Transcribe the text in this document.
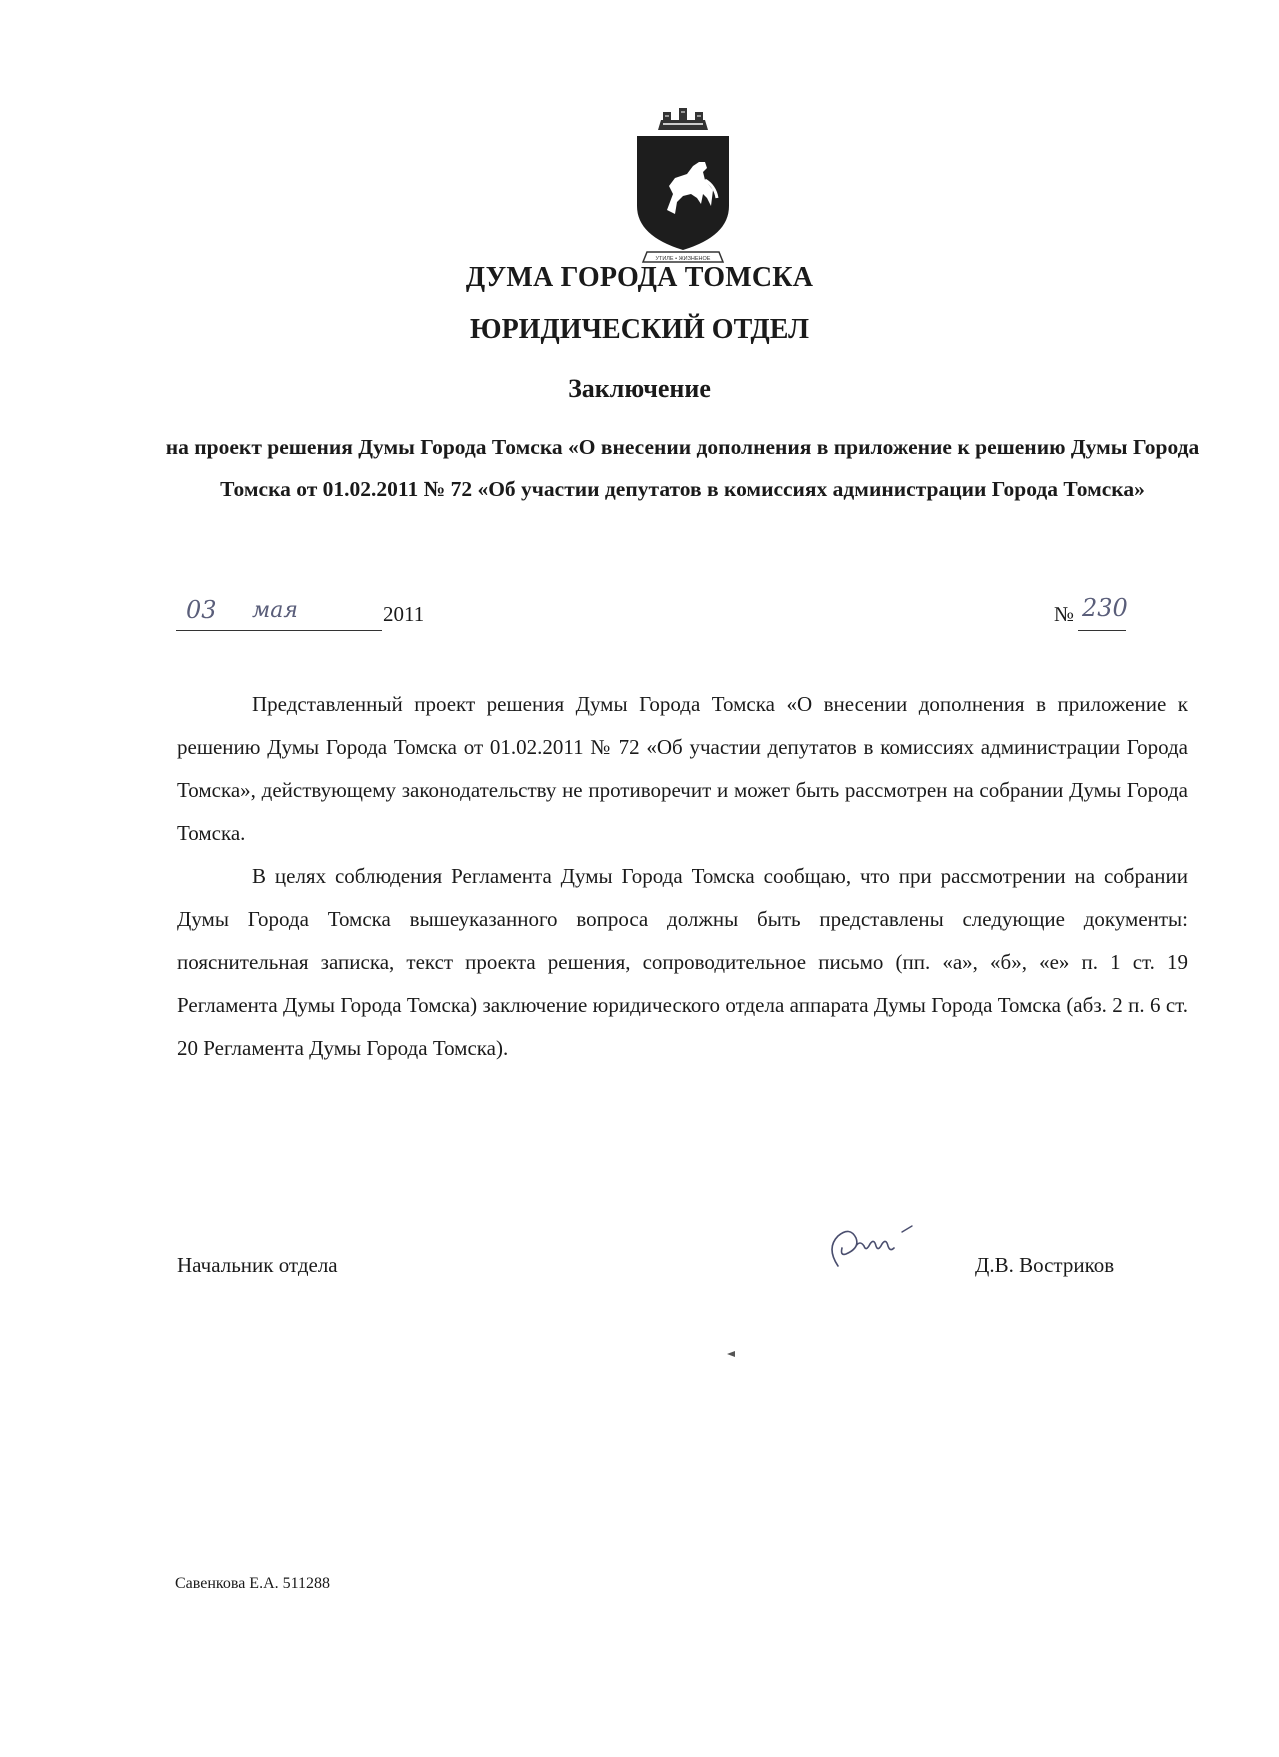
УТИЛЕ • ЖИЗНЕНОЕ
ДУМА ГОРОДА ТОМСКА
ЮРИДИЧЕСКИЙ ОТДЕЛ
Заключение
на проект решения Думы Города Томска «О внесении дополнения в приложение к решению Думы Города Томска от 01.02.2011 № 72 «Об участии депутатов в комиссиях администрации Города Томска»
03 мая	2011	№ 230

Представленный проект решения Думы Города Томска «О внесении дополнения в приложение к решению Думы Города Томска от 01.02.2011 № 72 «Об участии депутатов в комиссиях администрации Города Томска», действующему законодательству не противоречит и может быть рассмотрен на собрании Думы Города Томска.

В целях соблюдения Регламента Думы Города Томска сообщаю, что при рассмотрении на собрании Думы Города Томска вышеуказанного вопроса должны быть представлены следующие документы: пояснительная записка, текст проекта решения, сопроводительное письмо (пп. «а», «б», «е» п. 1 ст. 19 Регламента Думы Города Томска) заключение юридического отдела аппарата Думы Города Томска (абз. 2 п. 6 ст. 20 Регламента Думы Города Томска).

Начальник отдела	Д.В. Востриков
Савенкова Е.А. 511288
